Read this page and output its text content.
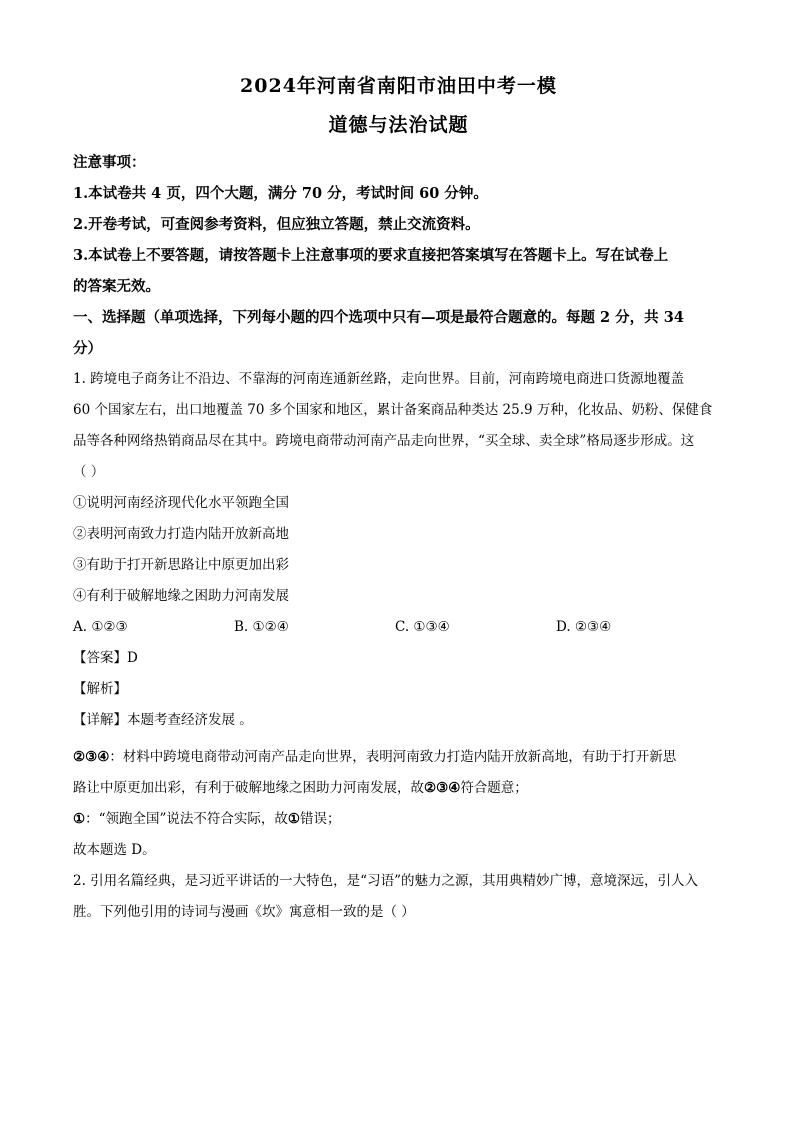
2024年河南省南阳市油田中考一模
道德与法治试题

注意事项：

1.本试卷共 4 页，四个大题，满分 70 分，考试时间 60 分钟。

2.开卷考试，可查阅参考资料，但应独立答题，禁止交流资料。

3.本试卷上不要答题，请按答题卡上注意事项的要求直接把答案填写在答题卡上。写在试卷上

的答案无效。

一、选择题（单项选择，下列每小题的四个选项中只有—项是最符合题意的。每题 2 分，共 34

分）

1. 跨境电子商务让不沿边、不靠海的河南连通新丝路，走向世界。目前，河南跨境电商进口货源地覆盖

60 个国家左右，出口地覆盖 70 多个国家和地区，累计备案商品种类达 25.9 万种，化妆品、奶粉、保健食

品等各种网络热销商品尽在其中。跨境电商带动河南产品走向世界，“买全球、卖全球”格局逐步形成。这

（ ）

①说明河南经济现代化水平领跑全国

②表明河南致力打造内陆开放新高地

③有助于打开新思路让中原更加出彩

④有利于破解地缘之困助力河南发展

A. ①②③	B. ①②④	C. ①③④	D. ②③④

【答案】D

【解析】

【详解】本题考查经济发展 。

②③④：材料中跨境电商带动河南产品走向世界，表明河南致力打造内陆开放新高地，有助于打开新思

路让中原更加出彩，有利于破解地缘之困助力河南发展，故②③④符合题意；

①：“领跑全国”说法不符合实际，故①错误；

故本题选 D。

2. 引用名篇经典，是习近平讲话的一大特色，是“习语”的魅力之源，其用典精妙广博，意境深远，引人入

胜。下列他引用的诗词与漫画《坎》寓意相一致的是（ ）
